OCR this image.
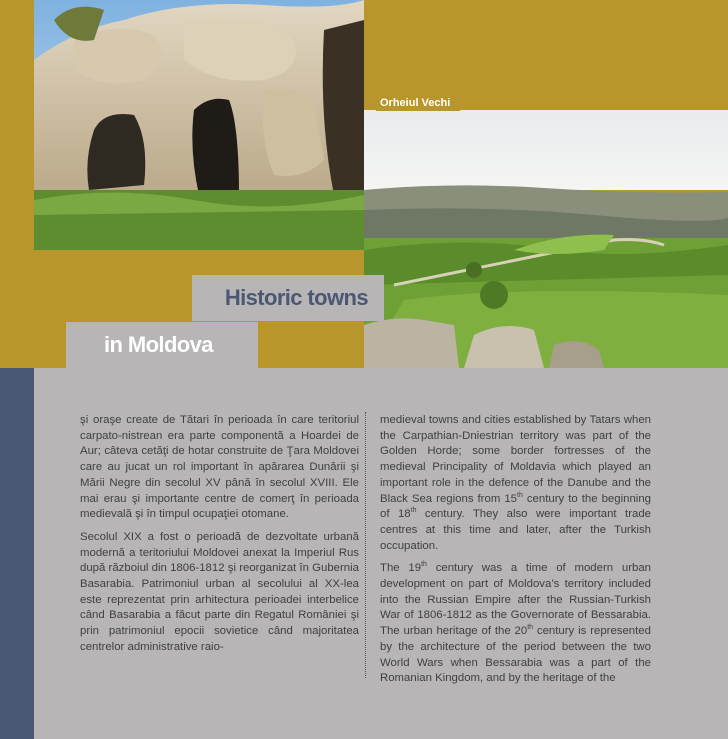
Orheiul Vechi
Historic towns
in Moldova

şi oraşe create de Tătari în perioada în care teritoriul carpato-nistrean era parte componentă a Hoardei de Aur; câteva cetăţi de hotar construite de Ţara Moldovei care au jucat un rol important în apărarea Dunării şi Mării Negre din secolul XV până în secolul XVIII. Ele mai erau şi importante centre de comerţ în perioada medievală şi în timpul ocupaţiei otomane.

Secolul XIX a fost o perioadă de dezvoltate urbană modernă a teritoriului Moldovei anexat la Imperiul Rus după războiul din 1806-1812 şi reorganizat în Gubernia Basarabia. Patrimoniul urban al secolului al XX-lea este reprezentat prin arhitectura perioadei interbelice când Basarabia a făcut parte din Regatul României şi prin patrimoniul epocii sovietice când majoritatea centrelor administrative raio-

medieval towns and cities established by Tatars when the Carpathian-Dniestrian territory was part of the Golden Horde; some border fortresses of the medieval Principality of Moldavia which played an important role in the defence of the Danube and the Black Sea regions from 15th century to the beginning of 18th century. They also were important trade centres at this time and later, after the Turkish occupation.

The 19th century was a time of modern urban development on part of Moldova’s territory included into the Russian Empire after the Russian-Turkish War of 1806-1812 as the Governorate of Bessarabia. The urban heritage of the 20th century is represented by the architecture of the period between the two World Wars when Bessarabia was a part of the Romanian Kingdom, and by the heritage of the
